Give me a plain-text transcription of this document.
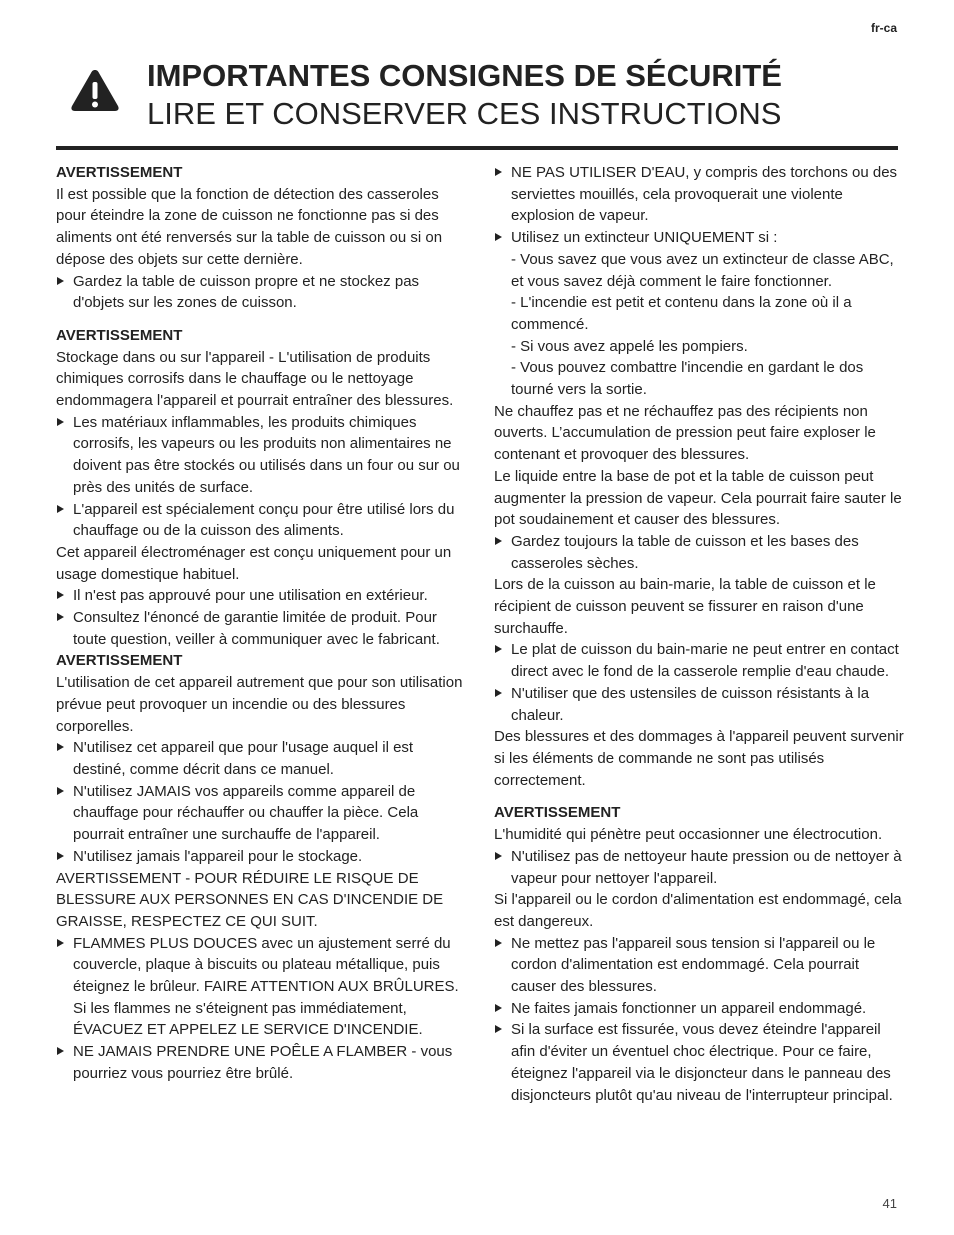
fr-ca
IMPORTANTES CONSIGNES DE SÉCURITÉ
LIRE ET CONSERVER CES INSTRUCTIONS

AVERTISSEMENT

Il est possible que la fonction de détection des casseroles pour éteindre la zone de cuisson ne fonctionne pas si des aliments ont été renversés sur la table de cuisson ou si on dépose des objets sur cette dernière.

Gardez la table de cuisson propre et ne stockez pas d'objets sur les zones de cuisson.

AVERTISSEMENT

Stockage dans ou sur l'appareil - L'utilisation de produits chimiques corrosifs dans le chauffage ou le nettoyage endommagera l'appareil et pourrait entraîner des blessures.

Les matériaux inflammables, les produits chimiques corrosifs, les vapeurs ou les produits non alimentaires ne doivent pas être stockés ou utilisés dans un four ou sur ou près des unités de surface.

L'appareil est spécialement conçu pour être utilisé lors du chauffage ou de la cuisson des aliments.

Cet appareil électroménager est conçu uniquement pour un usage domestique habituel.

Il n'est pas approuvé pour une utilisation en extérieur.

Consultez l'énoncé de garantie limitée de produit. Pour toute question, veiller à communiquer avec le fabricant.

AVERTISSEMENT

L'utilisation de cet appareil autrement que pour son utilisation prévue peut provoquer un incendie ou des blessures corporelles.

N'utilisez cet appareil que pour l'usage auquel il est destiné, comme décrit dans ce manuel.

N'utilisez JAMAIS vos appareils comme appareil de chauffage pour réchauffer ou chauffer la pièce. Cela pourrait entraîner une surchauffe de l'appareil.

N'utilisez jamais l'appareil pour le stockage.

AVERTISSEMENT - POUR RÉDUIRE LE RISQUE DE BLESSURE AUX PERSONNES EN CAS D'INCENDIE DE GRAISSE, RESPECTEZ CE QUI SUIT.

FLAMMES PLUS DOUCES avec un ajustement serré du couvercle, plaque à biscuits ou plateau métallique, puis éteignez le brûleur. FAIRE ATTENTION AUX BRÛLURES. Si les flammes ne s'éteignent pas immédiatement, ÉVACUEZ ET APPELEZ LE SERVICE D'INCENDIE.

NE JAMAIS PRENDRE UNE POÊLE A FLAMBER - vous pourriez vous pourriez être brûlé.

NE PAS UTILISER D'EAU, y compris des torchons ou des serviettes mouillés, cela provoquerait une violente explosion de vapeur.

Utilisez un extincteur UNIQUEMENT si :
- Vous savez que vous avez un extincteur de classe ABC, et vous savez déjà comment le faire fonctionner.
- L'incendie est petit et contenu dans la zone où il a commencé.
- Si vous avez appelé les pompiers.
- Vous pouvez combattre l'incendie en gardant le dos tourné vers la sortie.

Ne chauffez pas et ne réchauffez pas des récipients non ouverts. L’accumulation de pression peut faire exploser le contenant et provoquer des blessures.

Le liquide entre la base de pot et la table de cuisson peut augmenter la pression de vapeur. Cela pourrait faire sauter le pot soudainement et causer des blessures.

Gardez toujours la table de cuisson et les bases des casseroles sèches.

Lors de la cuisson au bain-marie, la table de cuisson et le récipient de cuisson peuvent se fissurer en raison d'une surchauffe.

Le plat de cuisson du bain-marie ne peut entrer en contact direct avec le fond de la casserole remplie d'eau chaude.

N'utiliser que des ustensiles de cuisson résistants à la chaleur.

Des blessures et des dommages à l'appareil peuvent survenir si les éléments de commande ne sont pas utilisés correctement.

AVERTISSEMENT

L'humidité qui pénètre peut occasionner une électrocution.

N'utilisez pas de nettoyeur haute pression ou de nettoyer à vapeur pour nettoyer l'appareil.

Si l'appareil ou le cordon d'alimentation est endommagé, cela est dangereux.

Ne mettez pas l'appareil sous tension si l'appareil ou le cordon d'alimentation est endommagé. Cela pourrait causer des blessures.

Ne faites jamais fonctionner un appareil endommagé.

Si la surface est fissurée, vous devez éteindre l'appareil afin d'éviter un éventuel choc électrique. Pour ce faire, éteignez l'appareil via le disjoncteur dans le panneau des disjoncteurs plutôt qu'au niveau de l'interrupteur principal.

41
